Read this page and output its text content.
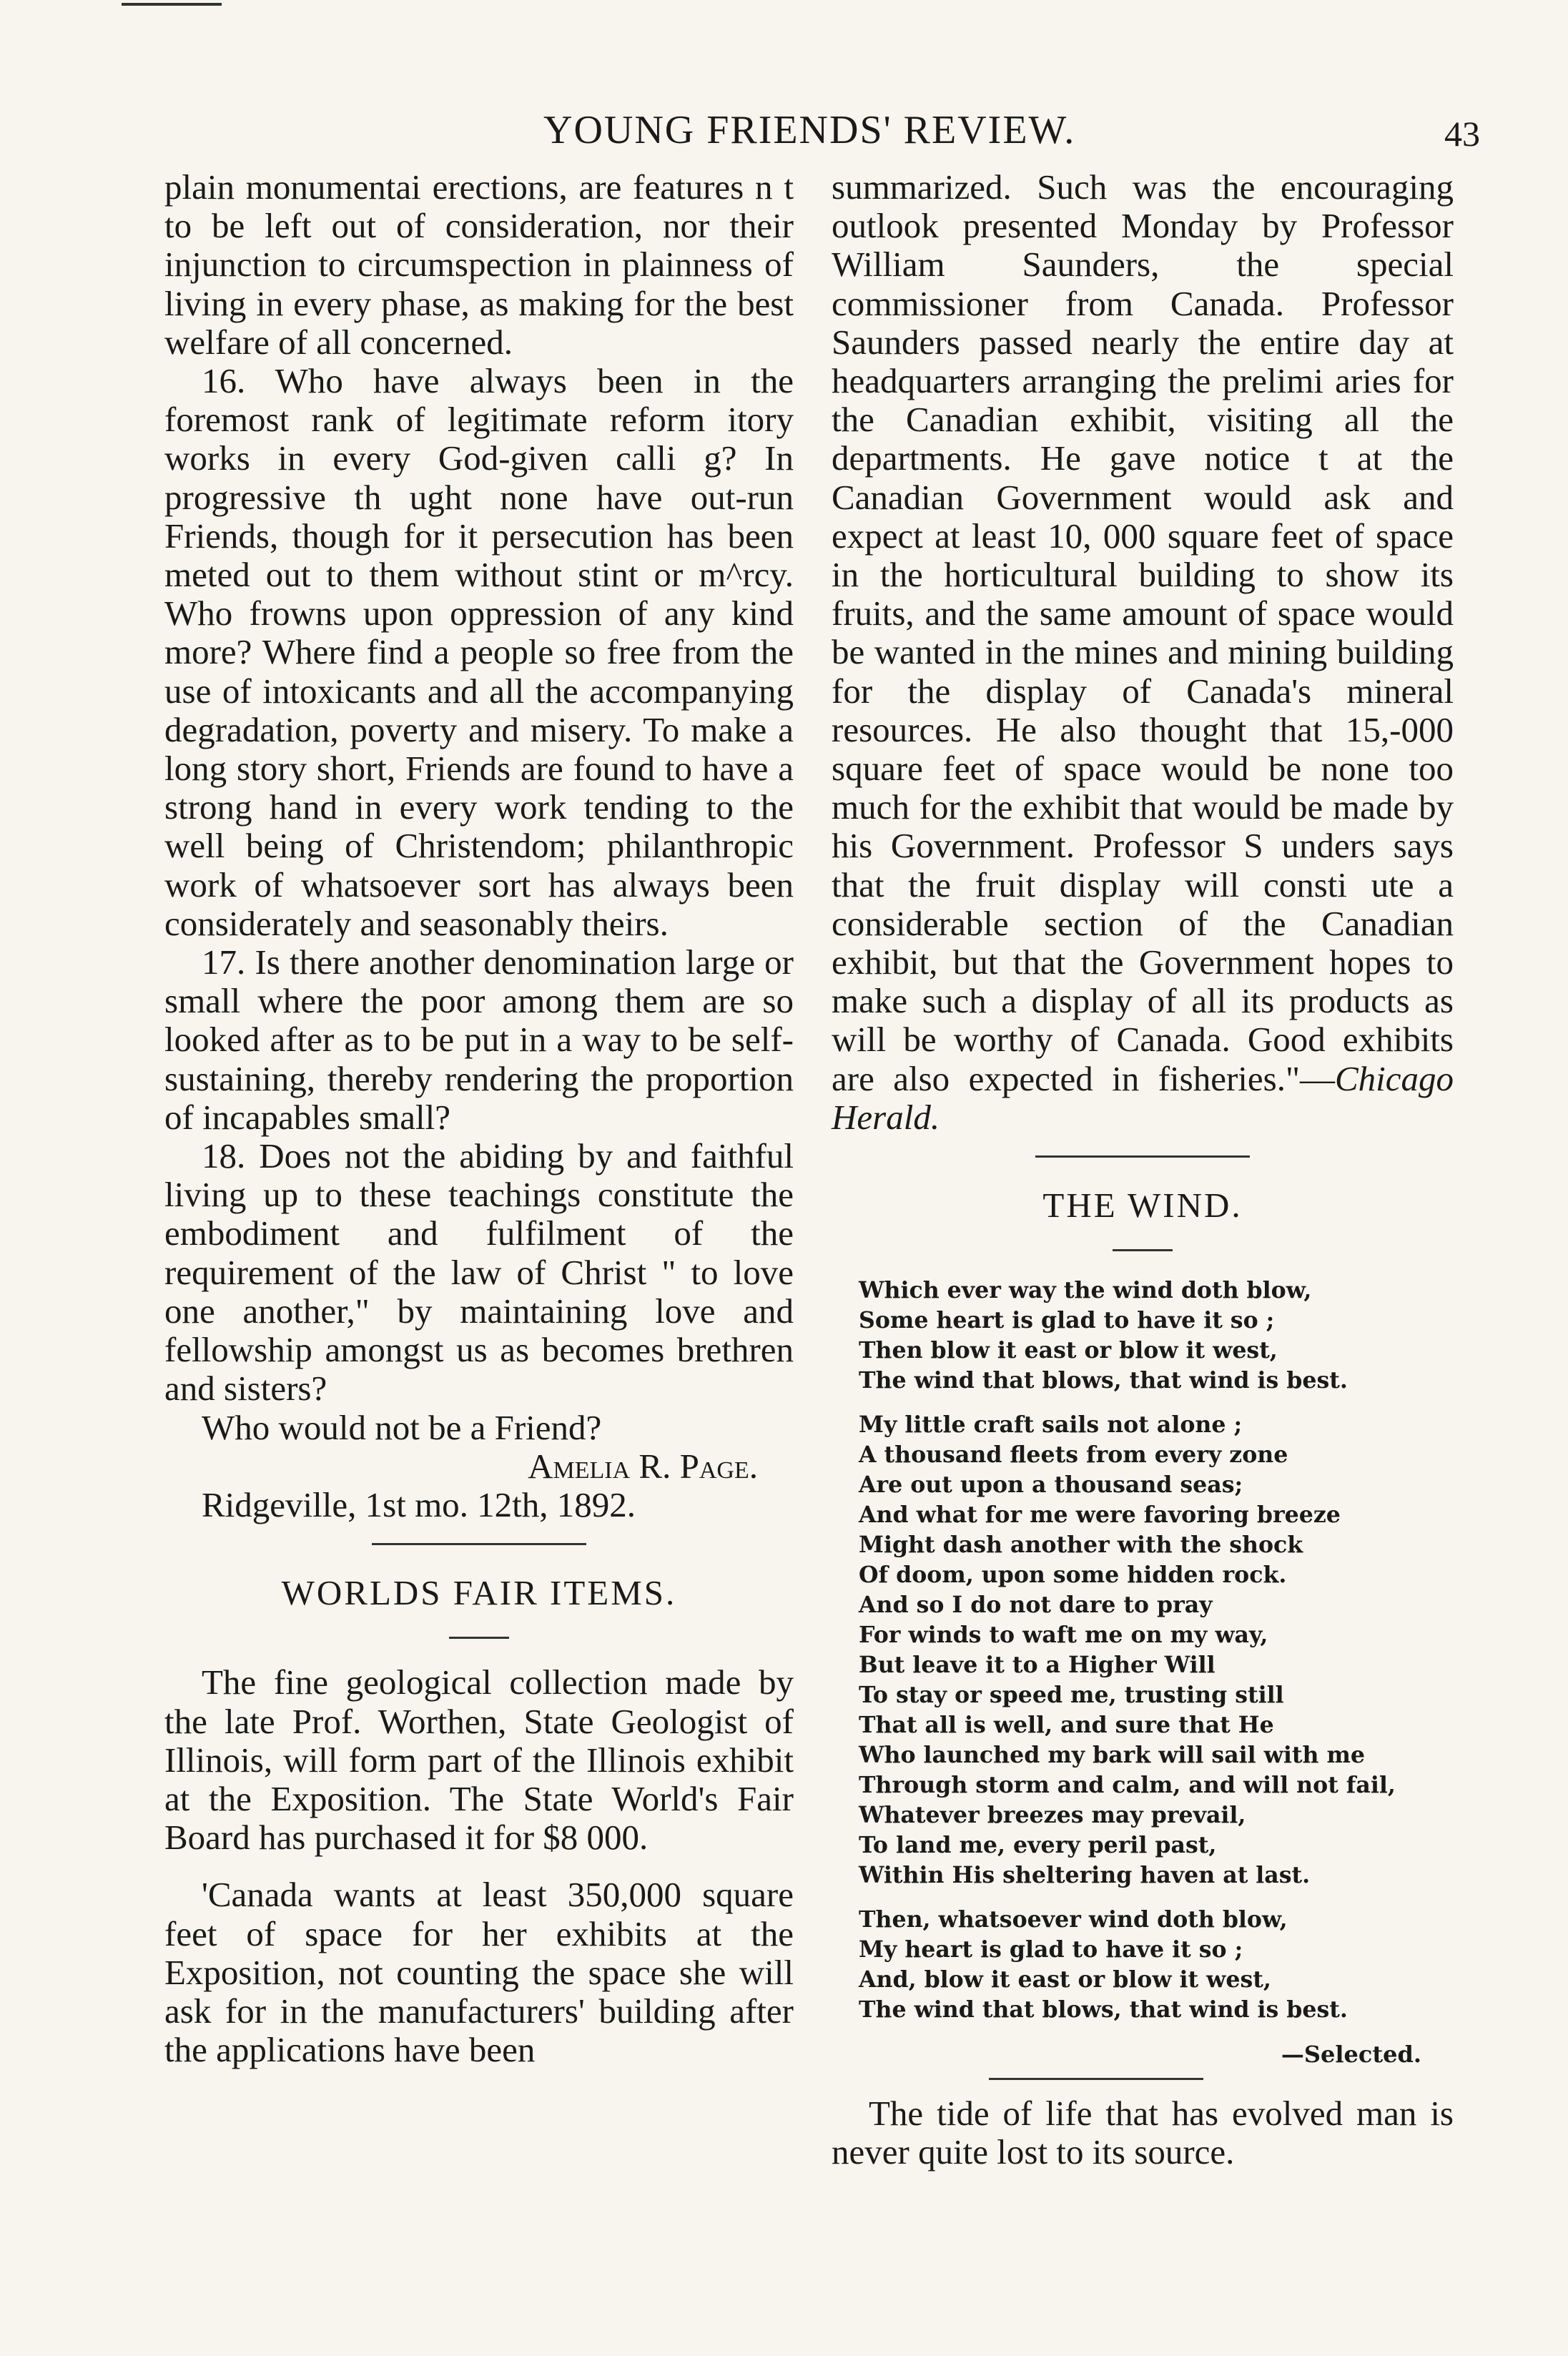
YOUNG FRIENDS' REVIEW.	43

plain monumentai erections, are features n t to be left out of consideration, nor their injunction to circumspection in plainness of living in every phase, as making for the best welfare of all concerned.

16. Who have always been in the foremost rank of legitimate reform itory works in every God-given calli g? In progressive th ught none have out-run Friends, though for it persecution has been meted out to them without stint or m^rcy. Who frowns upon oppression of any kind more? Where find a people so free from the use of intoxicants and all the accompanying degradation, poverty and misery. To make a long story short, Friends are found to have a strong hand in every work tending to the well being of Christendom; philanthropic work of whatsoever sort has always been considerately and seasonably theirs.

17. Is there another denomination large or small where the poor among them are so looked after as to be put in a way to be self-sustaining, thereby rendering the proportion of incapables small?

18. Does not the abiding by and faithful living up to these teachings constitute the embodiment and fulfilment of the requirement of the law of Christ " to love one another," by maintaining love and fellowship amongst us as becomes brethren and sisters?

Who would not be a Friend?

Amelia R. Page.

Ridgeville, 1st mo. 12th, 1892.

WORLDS FAIR ITEMS.

The fine geological collection made by the late Prof. Worthen, State Geologist of Illinois, will form part of the Illinois exhibit at the Exposition. The State World's Fair Board has purchased it for $8 000.

'Canada wants at least 350,000 square feet of space for her exhibits at the Exposition, not counting the space she will ask for in the manufacturers' building after the applications have been

summarized. Such was the encouraging outlook presented Monday by Professor William Saunders, the special commissioner from Canada. Professor Saunders passed nearly the entire day at headquarters arranging the prelimi aries for the Canadian exhibit, visiting all the departments. He gave notice t at the Canadian Government would ask and expect at least 10, 000 square feet of space in the horticultural building to show its fruits, and the same amount of space would be wanted in the mines and mining building for the display of Canada's mineral resources. He also thought that 15,-000 square feet of space would be none too much for the exhibit that would be made by his Government. Professor S unders says that the fruit display will consti ute a considerable section of the Canadian exhibit, but that the Government hopes to make such a display of all its products as will be worthy of Canada. Good exhibits are also expected in fisheries."—Chicago Herald.

THE WIND.
Which ever way the wind doth blow,
Some heart is glad to have it so ;
Then blow it east or blow it west,
The wind that blows, that wind is best.
My little craft sails not alone ;
A thousand fleets from every zone
Are out upon a thousand seas;
And what for me were favoring breeze
Might dash another with the shock
Of doom, upon some hidden rock.
And so I do not dare to pray
For winds to waft me on my way,
But leave it to a Higher Will
To stay or speed me, trusting still
That all is well, and sure that He
Who launched my bark will sail with me
Through storm and calm, and will not fail,
Whatever breezes may prevail,
To land me, every peril past,
Within His sheltering haven at last.
Then, whatsoever wind doth blow,
My heart is glad to have it so ;
And, blow it east or blow it west,
The wind that blows, that wind is best.
—Selected.

The tide of life that has evolved man is never quite lost to its source.
